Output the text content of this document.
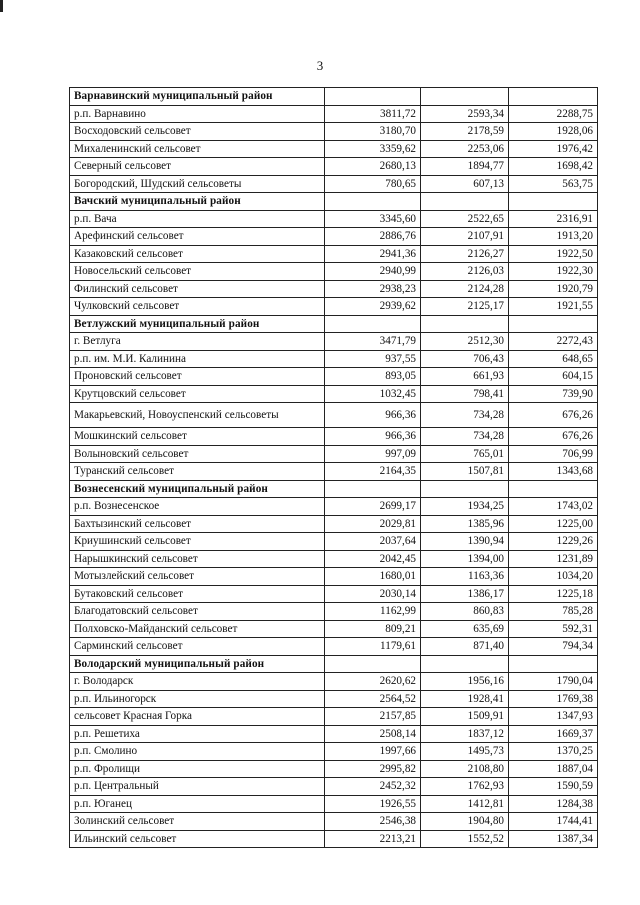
3
Варнавинский муниципальный район			
р.п. Варнавино	3811,72	2593,34	2288,75
Восходовский сельсовет	3180,70	2178,59	1928,06
Михаленинский сельсовет	3359,62	2253,06	1976,42
Северный сельсовет	2680,13	1894,77	1698,42
Богородский, Шудский сельсоветы	780,65	607,13	563,75
Вачский муниципальный район			
р.п. Вача	3345,60	2522,65	2316,91
Арефинский сельсовет	2886,76	2107,91	1913,20
Казаковский сельсовет	2941,36	2126,27	1922,50
Новосельский сельсовет	2940,99	2126,03	1922,30
Филинский сельсовет	2938,23	2124,28	1920,79
Чулковский сельсовет	2939,62	2125,17	1921,55
Ветлужский муниципальный район			
г. Ветлуга	3471,79	2512,30	2272,43
р.п. им. М.И. Калинина	937,55	706,43	648,65
Проновский сельсовет	893,05	661,93	604,15
Крутцовский сельсовет	1032,45	798,41	739,90
Макарьевский, Новоуспенский сельсоветы	966,36	734,28	676,26
Мошкинский сельсовет	966,36	734,28	676,26
Волыновский сельсовет	997,09	765,01	706,99
Туранский сельсовет	2164,35	1507,81	1343,68
Вознесенский муниципальный район			
р.п. Вознесенское	2699,17	1934,25	1743,02
Бахтызинский сельсовет	2029,81	1385,96	1225,00
Криушинский сельсовет	2037,64	1390,94	1229,26
Нарышкинский сельсовет	2042,45	1394,00	1231,89
Мотызлейский сельсовет	1680,01	1163,36	1034,20
Бутаковский сельсовет	2030,14	1386,17	1225,18
Благодатовский сельсовет	1162,99	860,83	785,28
Полховско-Майданский сельсовет	809,21	635,69	592,31
Сарминский сельсовет	1179,61	871,40	794,34
Володарский муниципальный район			
г. Володарск	2620,62	1956,16	1790,04
р.п. Ильиногорск	2564,52	1928,41	1769,38
сельсовет Красная Горка	2157,85	1509,91	1347,93
р.п. Решетиха	2508,14	1837,12	1669,37
р.п. Смолино	1997,66	1495,73	1370,25
р.п. Фролищи	2995,82	2108,80	1887,04
р.п. Центральный	2452,32	1762,93	1590,59
р.п. Юганец	1926,55	1412,81	1284,38
Золинский сельсовет	2546,38	1904,80	1744,41
Ильинский сельсовет	2213,21	1552,52	1387,34
